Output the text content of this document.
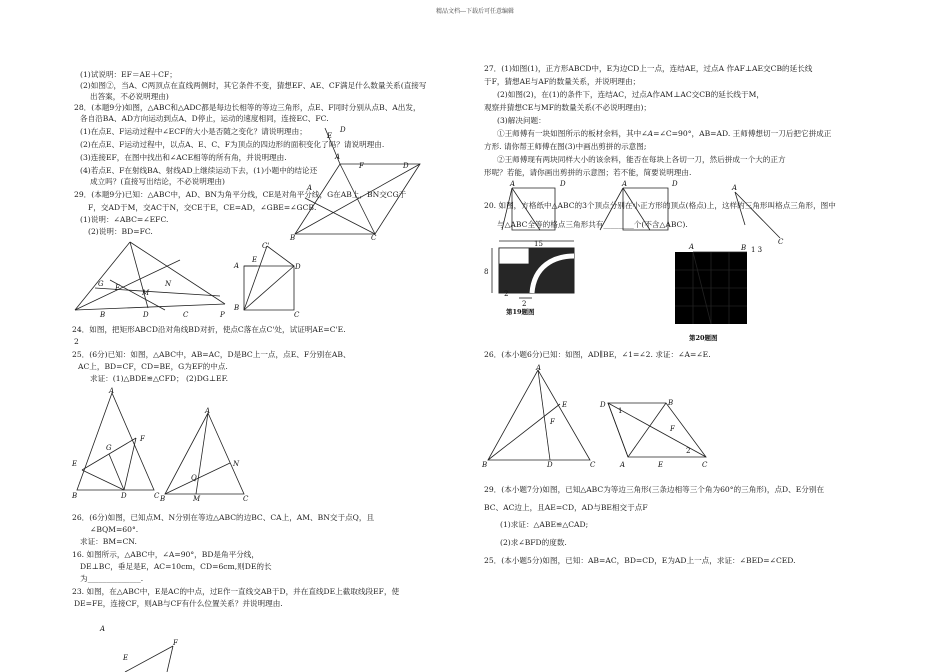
精品文档---下载后可任意编辑
(1)试说明：EF＝AE＋CF；
(2)如图②，当A、C两顶点在直线两侧时，其它条件不变，猜想EF、AE、CF满足什么数量关系(直接写
出答案，不必说明理由)
28．(本题9分)如图，△ABC和△ADC都是每边长相等的等边三角形，点E、F同时分别从点B、A出发，
各自沿BA、AD方向运动到点A、D停止，运动的速度相同，连接EC、FC.
(1)在点E、F运动过程中∠ECF的大小是否随之变化？请说明理由；
(2)在点E、F运动过程中，以点A、E、C、F为顶点的四边形的面积变化了吗？请说明理由.
(3)连接EF，在图中找出和∠ACE相等的所有角，并说明理由.
(4)若点E、F在射线BA、射线AD上继续运动下去，(1)小题中的结论还
成立吗？(直接写出结论，不必说明理由)
29．(本题9分)已知：△ABC中，AD、BN为角平分线，CE是对角平分线，G在AB上，BN交CG于
F，交AD于M，交AC于N，交CE于E，CE=AD，∠GBE=∠GCB.
(1)说明：∠ABC=∠EFC.
(2)说明：BD=FC.
B	C
A
D
E
F
D
A
G F
M
N
B	D	C	P
A
E
D
B
C
C'
24．如图，把矩形ABCD沿对角线BD对折，使点C落在点C'处，试证明AE=C'E.
2
25．(6分)已知：如图，△ABC中，AB=AC，D是BC上一点，点E、F分别在AB、
AC上，BD=CF，CD=BE，G为EF的中点.
求证：(1)△BDE≌△CFD； (2)DG⊥EF.
A
E
G
F
B	D	C
A
Q
N
B	M	C
26．(6分)如图，已知点M、N分别在等边△ABC的边BC、CA上，AM、BN交于点Q，且
∠BQM=60°.
求证：BM=CN.
16. 如图所示，△ABC中，∠A=90°，BD是角平分线，
DE⊥BC，垂足是E，AC=10cm，CD=6cm,则DE的长
为______________.
23. 如图，在△ABC中，E是AC的中点，过E作一直线交AB于D，并在直线DE上截取线段EF，使
DE=FE，连接CF，则AB与CF有什么位置关系？并说明理由.
A
F
E
27．(1)如图(1)，正方形ABCD中，E为边CD上一点，连结AE，过点A 作AF⊥AE交CB的延长线
于F，猜想AE与AF的数量关系，并说明理由；
(2)如图(2)，在(1)的条件下，连结AC，过点A作AM⊥AC交CB的延长线于M，
观察并猜想CE与MF的数量关系(不必说明理由)；
(3)解决问题：
①王师傅有一块如图所示的板材余料，其中∠A=∠C=90°，AB=AD. 王师傅想切一刀后把它拼成正
方形. 请你帮王师傅在图(3)中画出剪拼的示意图;
②王师傅现有两块同样大小的该余料，能否在每块上各切一刀，然后拼成一个大的正方
形呢？若能，请你画出剪拼的示意图；若不能，简要说明理由.
A	D	A	D	A
C
20. 如图，方格纸中△ABC的3个顶点分别在小正方形的顶点(格点)上，这样的三角形叫格点三角形，图中
与△ABC全等的格点三角形共有________个(不含△ABC).
15
8
2
2
第19题图
A	B 1 3
第20题图
26．(本小题6分)已知：如图，AD∥BE，∠1=∠2. 求证：∠A=∠E.
A
E
F
B	D	C
D	B
F
A	E	C
1
2
29．(本小题7分)如图，已知△ABC为等边三角形(三条边相等三个角为60°的三角形)，点D、E分别在
BC、AC边上，且AE=CD，AD与BE相交于点F
(1)求证：△ABE≌△CAD;
(2)求∠BFD的度数.
25．(本小题5分)如图，已知：AB=AC，BD=CD，E为AD上一点，求证：∠BED=∠CED.
